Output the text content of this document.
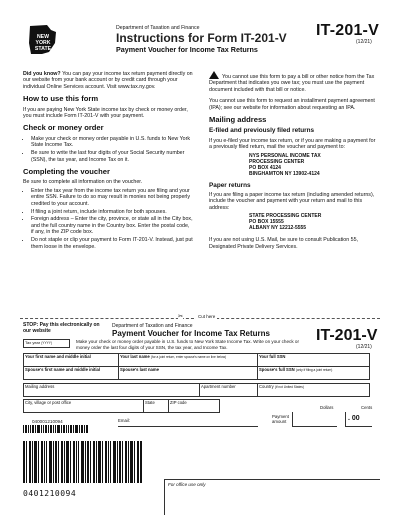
NEW
YORK
STATE
Department of Taxation and Finance
Instructions for Form IT-201-V
Payment Voucher for Income Tax Returns
IT-201-V
(12/21)

Did you know? You can pay your income tax return payment directly on our website from your bank account or by credit card through your individual Online Services account. Visit www.tax.ny.gov.

How to use this form

If you are paying New York State income tax by check or money order, you must include Form IT-201-V with your payment.

Check or money order
• Make your check or money order payable in U.S. funds to New York State Income Tax.
• Be sure to write the last four digits of your Social Security number (SSN), the tax year, and Income Tax on it.
Completing the voucher

Be sure to complete all information on the voucher.

• Enter the tax year from the income tax return you are filing and your entire SSN. Failure to do so may result in monies not being properly credited to your account.
• If filing a joint return, include information for both spouses.
• Foreign address – Enter the city, province, or state all in the City box, and the full country name in the Country box. Enter the postal code, if any, in the ZIP code box.
• Do not staple or clip your payment to Form IT-201-V. Instead, just put them loose in the envelope.

You cannot use this form to pay a bill or other notice from the Tax Department that indicates you owe tax; you must use the payment document included with that bill or notice.

You cannot use this form to request an installment payment agreement (IPA); see our website for information about requesting an IPA.

Mailing address
E-filed and previously filed returns

If you e-filed your income tax return, or if you are making a payment for a previously filed return, mail the voucher and payment to:

NYS PERSONAL INCOME TAX
PROCESSING CENTER
PO BOX 4124
BINGHAMTON NY 13902-4124
Paper returns

If you are filing a paper income tax return (including amended returns), include the voucher and payment with your return and mail to this address:

STATE PROCESSING CENTER
PO BOX 15555
ALBANY NY 12212-5555

If you are not using U.S. Mail, be sure to consult Publication 55, Designated Private Delivery Services.

✂	Cut here
STOP: Pay this electronically on our website
Department of Taxation and Finance
Payment Voucher for Income Tax Returns	IT-201-V
(12/21)
Tax year (YYYY)	Make your check or money order payable in U.S. funds to New York State Income Tax. Write on your check or money order the last four digits of your SSN, the tax year, and Income Tax.
Your first name and middle initial	Your last name (for a joint return, enter spouse's name on line below)	Your full SSN
Spouse's first name and middle initial	Spouse's last name	Spouse's full SSN (only if filing a joint return)
Mailing address	Apartment number	Country (if not United States)
City, village or post office	State	ZIP code
Dollars	Cents
Payment amount	. 00
Email:
040001210094
0401210094
For office use only
